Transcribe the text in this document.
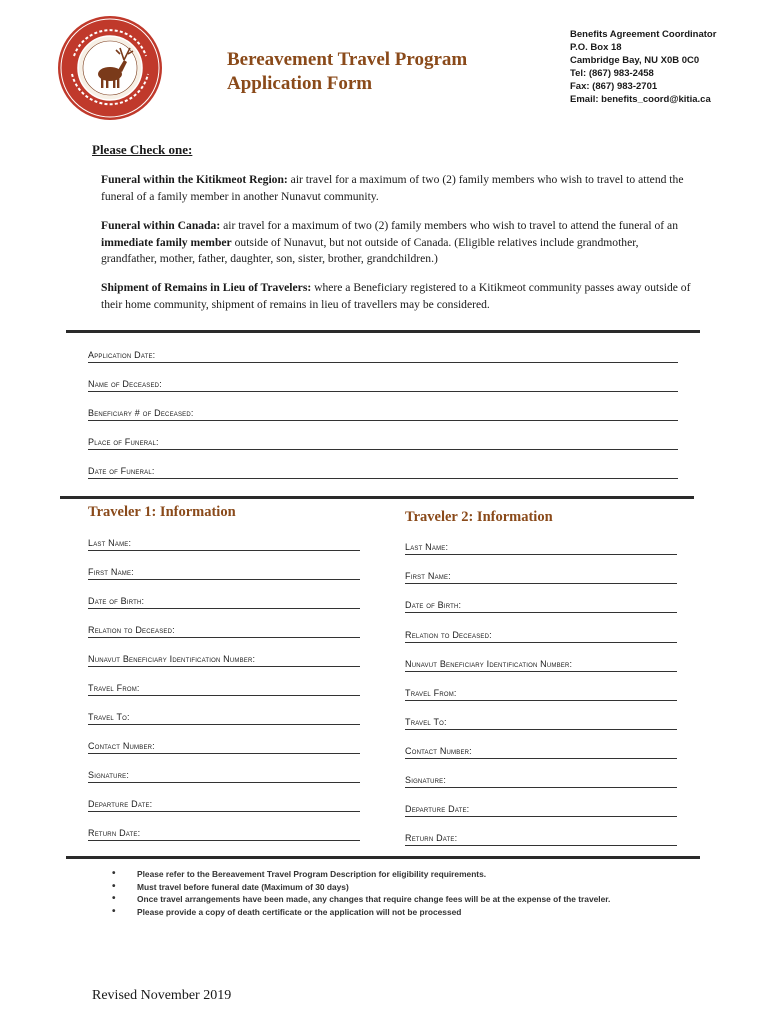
Bereavement Travel Program
Application Form
Benefits Agreement Coordinator
P.O. Box 18
Cambridge Bay, NU X0B 0C0
Tel: (867) 983-2458
Fax: (867) 983-2701
Email: benefits_coord@kitia.ca
Please Check one:
Funeral within the Kitikmeot Region: air travel for a maximum of two (2) family members who wish to travel to attend the funeral of a family member in another Nunavut community.
Funeral within Canada: air travel for a maximum of two (2) family members who wish to travel to attend the funeral of an immediate family member outside of Nunavut, but not outside of Canada. (Eligible relatives include grandmother, grandfather, mother, father, daughter, son, sister, brother, grandchildren.)
Shipment of Remains in Lieu of Travelers: where a Beneficiary registered to a Kitikmeot community passes away outside of their home community, shipment of remains in lieu of travellers may be considered.
Application Date:
Name of Deceased:
Beneficiary # of Deceased:
Place of Funeral:
Date of Funeral:
Traveler 1: Information
Last Name:
First Name:
Date of Birth:
Relation to Deceased:
Nunavut Beneficiary Identification Number:
Travel From:
Travel To:
Contact Number:
Signature:
Departure Date:
Return Date:
Traveler 2: Information
Last Name:
First Name:
Date of Birth:
Relation to Deceased:
Nunavut Beneficiary Identification Number:
Travel From:
Travel To:
Contact Number:
Signature:
Departure Date:
Return Date:
• Please refer to the Bereavement Travel Program Description for eligibility requirements.
• Must travel before funeral date (Maximum of 30 days)
• Once travel arrangements have been made, any changes that require change fees will be at the expense of the traveler.
• Please provide a copy of death certificate or the application will not be processed
Revised November 2019
